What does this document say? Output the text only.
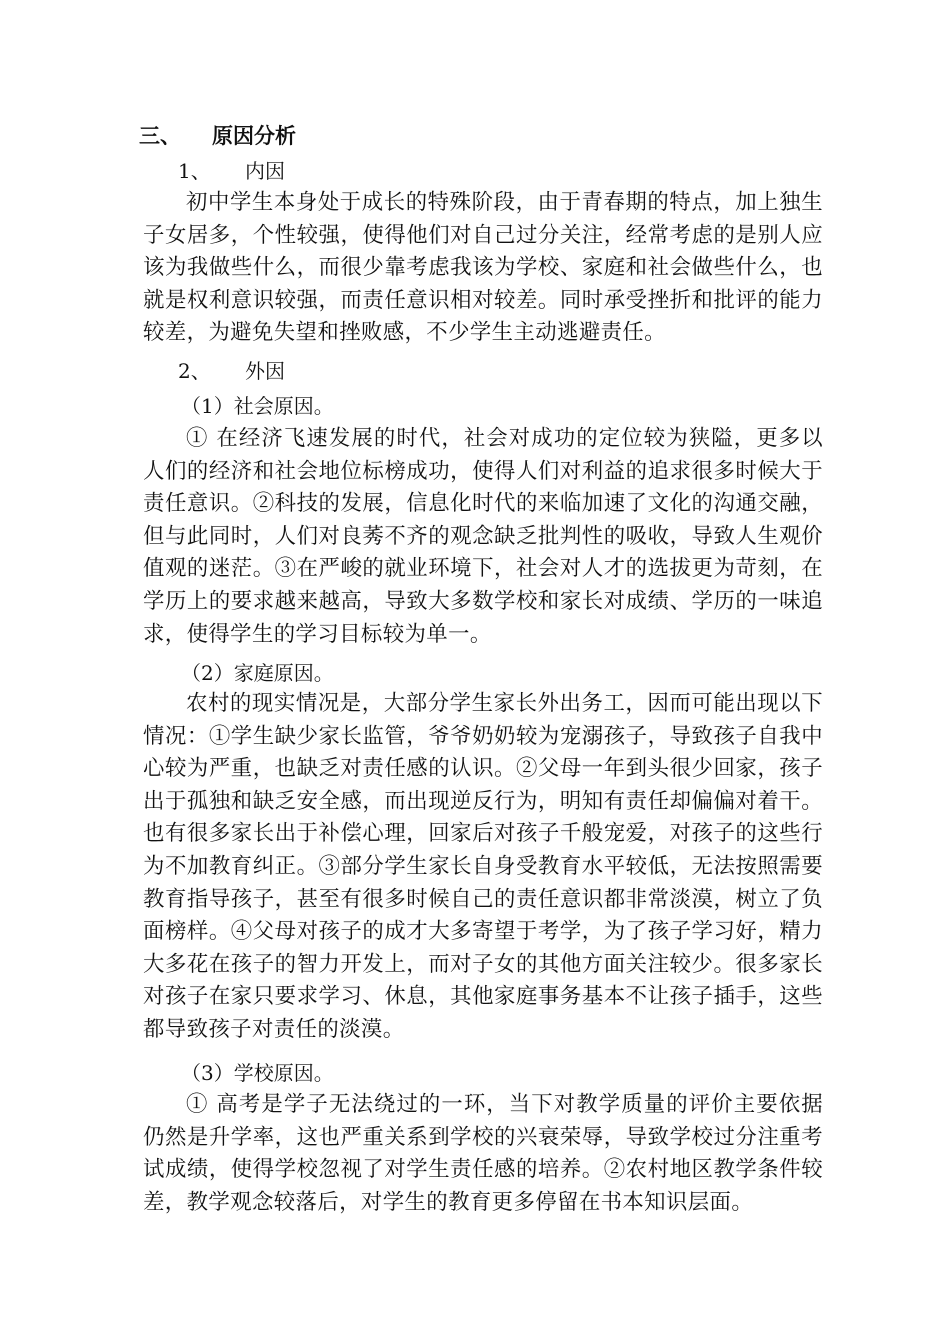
三、 原因分析
1、 内因

初中学生本身处于成长的特殊阶段，由于青春期的特点，加上独生子女居多，个性较强，使得他们对自己过分关注，经常考虑的是别人应该为我做些什么，而很少靠考虑我该为学校、家庭和社会做些什么，也就是权利意识较强，而责任意识相对较差。同时承受挫折和批评的能力较差，为避免失望和挫败感，不少学生主动逃避责任。

2、 外因
（1）社会原因。

① 在经济飞速发展的时代，社会对成功的定位较为狭隘，更多以人们的经济和社会地位标榜成功，使得人们对利益的追求很多时候大于责任意识。②科技的发展，信息化时代的来临加速了文化的沟通交融，但与此同时，人们对良莠不齐的观念缺乏批判性的吸收，导致人生观价值观的迷茫。③在严峻的就业环境下，社会对人才的选拔更为苛刻，在学历上的要求越来越高，导致大多数学校和家长对成绩、学历的一味追求，使得学生的学习目标较为单一。

（2）家庭原因。

农村的现实情况是，大部分学生家长外出务工，因而可能出现以下情况：①学生缺少家长监管，爷爷奶奶较为宠溺孩子，导致孩子自我中心较为严重，也缺乏对责任感的认识。②父母一年到头很少回家，孩子出于孤独和缺乏安全感，而出现逆反行为，明知有责任却偏偏对着干。也有很多家长出于补偿心理，回家后对孩子千般宠爱，对孩子的这些行为不加教育纠正。③部分学生家长自身受教育水平较低，无法按照需要教育指导孩子，甚至有很多时候自己的责任意识都非常淡漠，树立了负面榜样。④父母对孩子的成才大多寄望于考学，为了孩子学习好，精力大多花在孩子的智力开发上，而对子女的其他方面关注较少。很多家长对孩子在家只要求学习、休息，其他家庭事务基本不让孩子插手，这些都导致孩子对责任的淡漠。

（3）学校原因。

① 高考是学子无法绕过的一环，当下对教学质量的评价主要依据仍然是升学率，这也严重关系到学校的兴衰荣辱，导致学校过分注重考试成绩，使得学校忽视了对学生责任感的培养。②农村地区教学条件较差，教学观念较落后，对学生的教育更多停留在书本知识层面。
